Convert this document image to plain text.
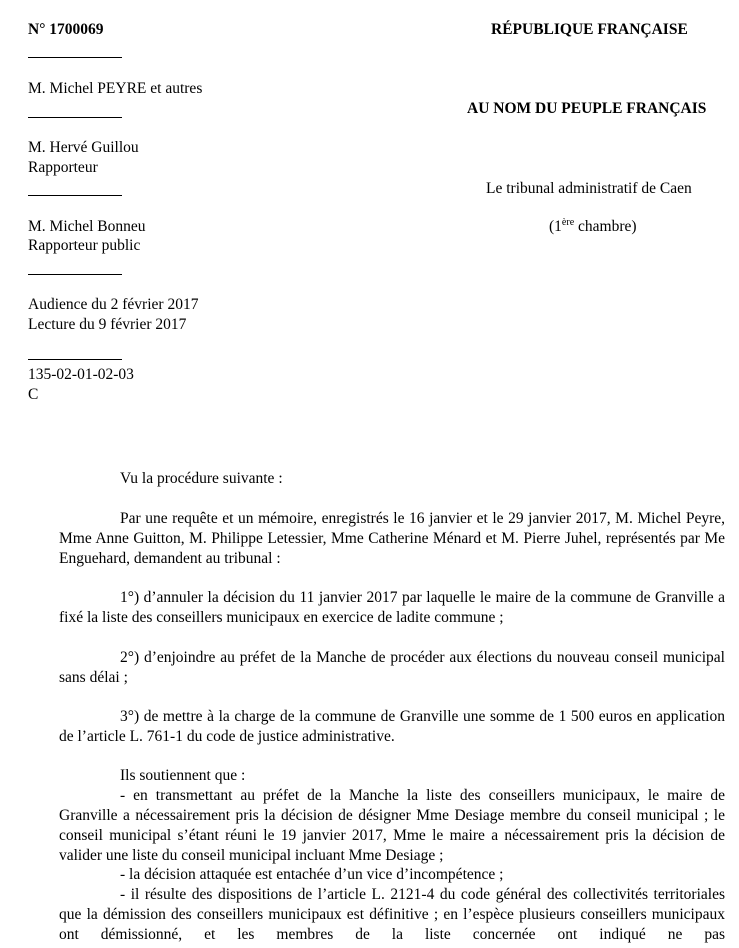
N° 1700069
M. Michel PEYRE et autres
M. Hervé Guillou
Rapporteur
M. Michel Bonneu
Rapporteur public
Audience du 2 février 2017
Lecture du 9 février 2017
135-02-01-02-03
C
RÉPUBLIQUE FRANÇAISE
AU NOM DU PEUPLE FRANÇAIS
Le tribunal administratif de Caen
(1ère chambre)
Vu la procédure suivante :
Par une requête et un mémoire, enregistrés le 16 janvier et le 29 janvier 2017, M. Michel Peyre, Mme Anne Guitton, M. Philippe Letessier, Mme Catherine Ménard et M. Pierre Juhel, représentés par Me Enguehard, demandent au tribunal :
1°) d’annuler la décision du 11 janvier 2017 par laquelle le maire de la commune de Granville a fixé la liste des conseillers municipaux en exercice de ladite commune ;
2°) d’enjoindre au préfet de la Manche de procéder aux élections du nouveau conseil municipal sans délai ;
3°) de mettre à la charge de la commune de Granville une somme de 1 500 euros en application de l’article L. 761-1 du code de justice administrative.
Ils soutiennent que :
- en transmettant au préfet de la Manche la liste des conseillers municipaux, le maire de Granville a nécessairement pris la décision de désigner Mme Desiage membre du conseil municipal ; le conseil municipal s’étant réuni le 19 janvier 2017, Mme le maire a nécessairement pris la décision de valider une liste du conseil municipal incluant Mme Desiage ;
- la décision attaquée est entachée d’un vice d’incompétence ;
- il résulte des dispositions de l’article L. 2121-4 du code général des collectivités territoriales que la démission des conseillers municipaux est définitive ; en l’espèce plusieurs conseillers municipaux ont démissionné, et les membres de la liste concernée ont indiqué ne pas
